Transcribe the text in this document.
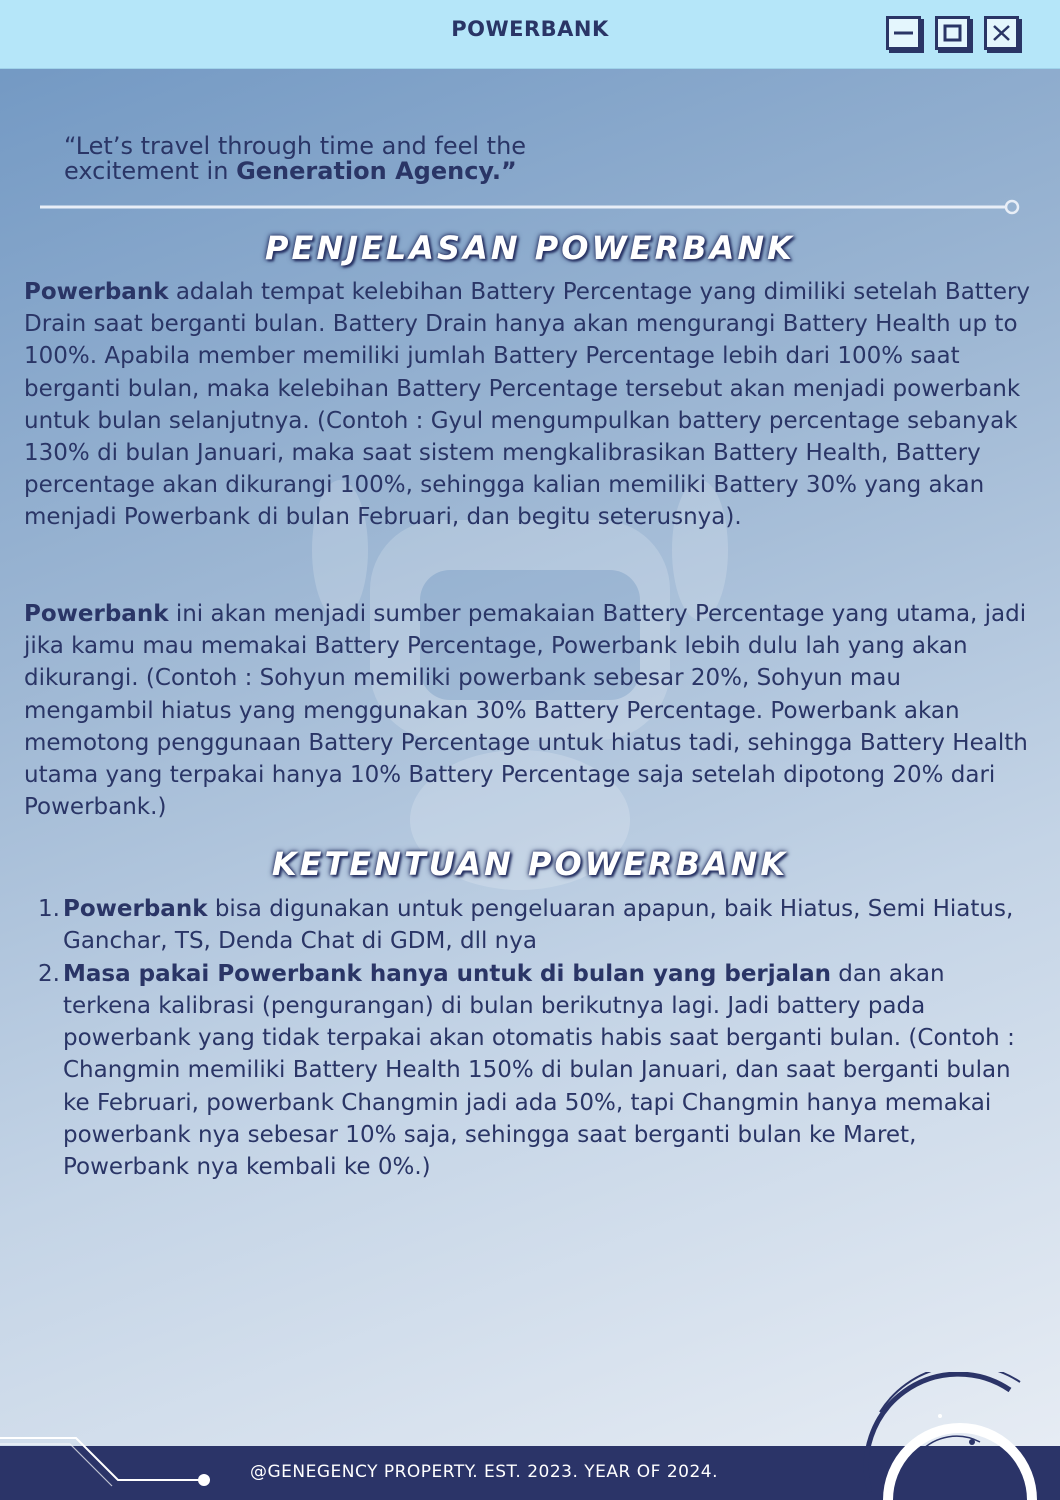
POWERBANK
“Let’s travel through time and feel the
excitement in Generation Agency.”
PENJELASAN POWERBANK
Powerbank adalah tempat kelebihan Battery Percentage yang dimiliki setelah Battery Drain saat berganti bulan. Battery Drain hanya akan mengurangi Battery Health up to 100%. Apabila member memiliki jumlah Battery Percentage lebih dari 100% saat berganti bulan, maka kelebihan Battery Percentage tersebut akan menjadi powerbank untuk bulan selanjutnya. (Contoh : Gyul mengumpulkan battery percentage sebanyak 130% di bulan Januari, maka saat sistem mengkalibrasikan Battery Health, Battery percentage akan dikurangi 100%, sehingga kalian memiliki Battery 30% yang akan menjadi Powerbank di bulan Februari, dan begitu seterusnya).
Powerbank ini akan menjadi sumber pemakaian Battery Percentage yang utama, jadi jika kamu mau memakai Battery Percentage, Powerbank lebih dulu lah yang akan dikurangi. (Contoh : Sohyun memiliki powerbank sebesar 20%, Sohyun mau mengambil hiatus yang menggunakan 30% Battery Percentage. Powerbank akan memotong penggunaan Battery Percentage untuk hiatus tadi, sehingga Battery Health utama yang terpakai hanya 10% Battery Percentage saja setelah dipotong 20% dari Powerbank.)
KETENTUAN POWERBANK
1. Powerbank bisa digunakan untuk pengeluaran apapun, baik Hiatus, Semi Hiatus, Ganchar, TS, Denda Chat di GDM, dll nya
2. Masa pakai Powerbank hanya untuk di bulan yang berjalan dan akan terkena kalibrasi (pengurangan) di bulan berikutnya lagi. Jadi battery pada powerbank yang tidak terpakai akan otomatis habis saat berganti bulan. (Contoh : Changmin memiliki Battery Health 150% di bulan Januari, dan saat berganti bulan ke Februari, powerbank Changmin jadi ada 50%, tapi Changmin hanya memakai powerbank nya sebesar 10% saja, sehingga saat berganti bulan ke Maret, Powerbank nya kembali ke 0%.)
@GENEGENCY PROPERTY. EST. 2023. YEAR OF 2024.
